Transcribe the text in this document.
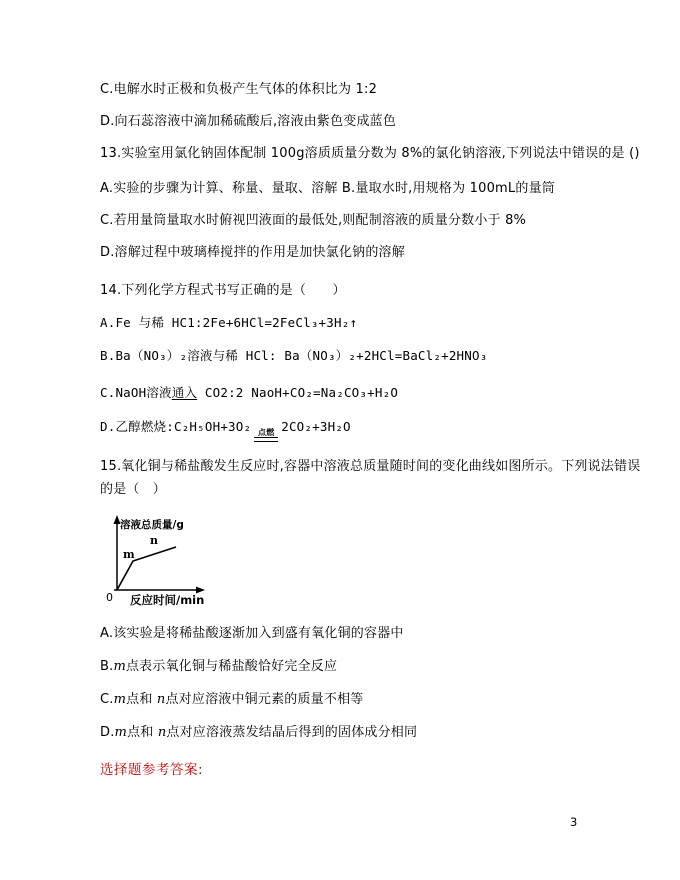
C.电解水时正极和负极产生气体的体积比为 1:2
D.向石蕊溶液中滴加稀硫酸后,溶液由紫色变成蓝色
13.实验室用氯化钠固体配制 100g溶质质量分数为 8%的氯化钠溶液,下列说法中错误的是 ()
A.实验的步骤为计算、称量、量取、溶解 B.量取水时,用规格为 100mL的量筒
C.若用量筒量取水时俯视凹液面的最低处,则配制溶液的质量分数小于 8%
D.溶解过程中玻璃棒搅拌的作用是加快氯化钠的溶解
14.下列化学方程式书写正确的是（　　）
A.Fe 与稀 HC1:2Fe+6HCl=2FeCl₃+3H₂↑
B.Ba（NO₃）₂溶液与稀 HCl: Ba（NO₃）₂+2HCl=BaCl₂+2HNO₃
C.NaOH溶液通入 CO2:2 NaoH+CO₂=Na₂CO₃+H₂O
D.乙醇燃烧:C₂H₅OH+3O₂ 点燃 2CO₂+3H₂O
15.氧化铜与稀盐酸发生反应时,容器中溶液总质量随时间的变化曲线如图所示。下列说法错误
的是（　）
溶液总质量/g
反应时间/min
0
m
n
A.该实验是将稀盐酸逐渐加入到盛有氧化铜的容器中
B.m点表示氧化铜与稀盐酸恰好完全反应
C.m点和 n点对应溶液中铜元素的质量不相等
D.m点和 n点对应溶液蒸发结晶后得到的固体成分相同
选择题参考答案:
3
